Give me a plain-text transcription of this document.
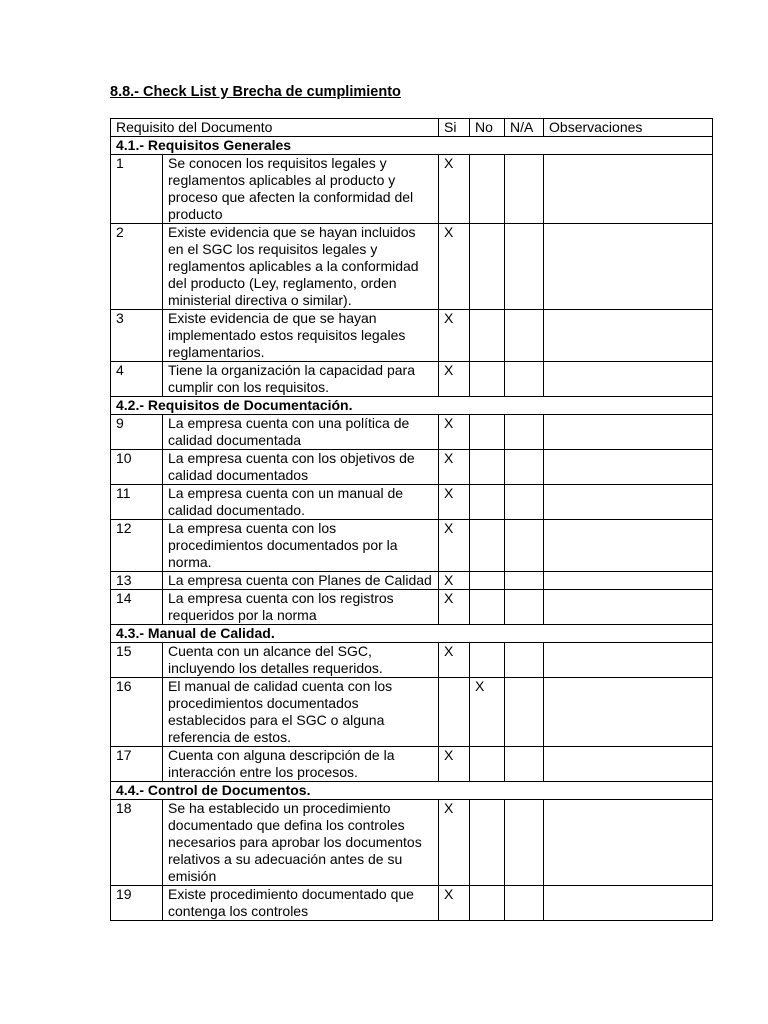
8.8.- Check List y Brecha de cumplimiento
Requisito del Documento		Si	No	N/A	Observaciones
4.1.- Requisitos Generales					
1	Se conocen los requisitos legales y reglamentos aplicables al producto y proceso que afecten la conformidad del producto	X			
2	Existe evidencia que se hayan incluidos en el SGC los requisitos legales y reglamentos aplicables a la conformidad del producto (Ley, reglamento, orden ministerial directiva o similar).	X			
3	Existe evidencia de que se hayan implementado estos requisitos legales reglamentarios.	X			
4	Tiene la organización la capacidad para cumplir con los requisitos.	X			
4.2.- Requisitos de Documentación.					
9	La empresa cuenta con una política de calidad documentada	X			
10	La empresa cuenta con los objetivos de calidad documentados	X			
11	La empresa cuenta con un manual de calidad documentado.	X			
12	La empresa cuenta con los procedimientos documentados por la norma.	X			
13	La empresa cuenta con Planes de Calidad	X			
14	La empresa cuenta con los registros requeridos por la norma	X			
4.3.- Manual de Calidad.					
15	Cuenta con un alcance del SGC, incluyendo los detalles requeridos.	X			
16	El manual de calidad cuenta con los procedimientos documentados establecidos para el SGC o alguna referencia de estos.		X		
17	Cuenta con alguna descripción de la interacción entre los procesos.	X			
4.4.- Control de Documentos.					
18	Se ha establecido un procedimiento documentado que defina los controles necesarios para aprobar los documentos relativos a su adecuación antes de su emisión	X			
19	Existe procedimiento documentado que contenga los controles	X			
